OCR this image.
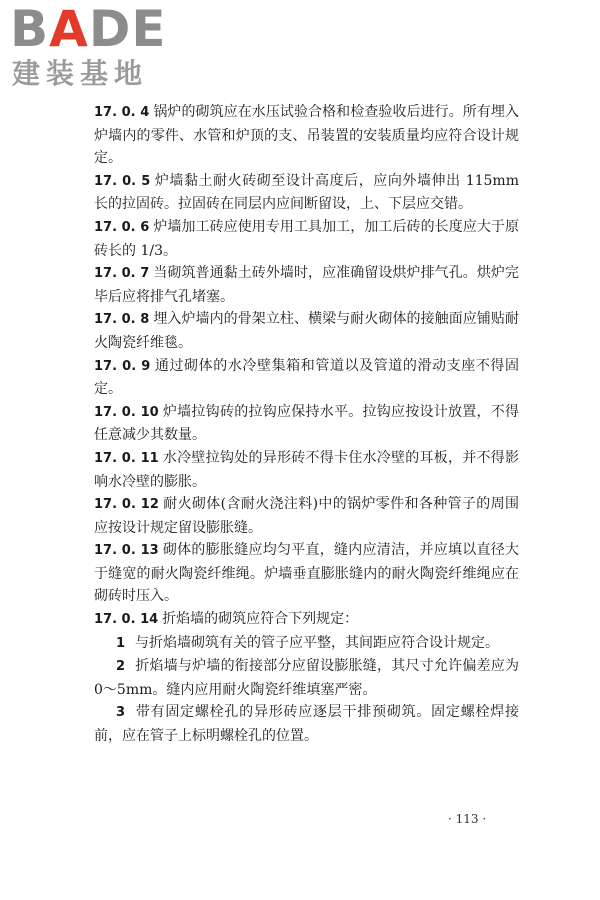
BADE
建装基地

17. 0. 4 锅炉的砌筑应在水压试验合格和检查验收后进行。所有埋入炉墙内的零件、水管和炉顶的支、吊装置的安装质量均应符合设计规定。

17. 0. 5 炉墙黏土耐火砖砌至设计高度后，应向外墙伸出 115mm 长的拉固砖。拉固砖在同层内应间断留设，上、下层应交错。

17. 0. 6 炉墙加工砖应使用专用工具加工，加工后砖的长度应大于原砖长的 1/3。

17. 0. 7 当砌筑普通黏土砖外墙时，应准确留设烘炉排气孔。烘炉完毕后应将排气孔堵塞。

17. 0. 8 埋入炉墙内的骨架立柱、横梁与耐火砌体的接触面应铺贴耐火陶瓷纤维毯。

17. 0. 9 通过砌体的水冷壁集箱和管道以及管道的滑动支座不得固定。

17. 0. 10 炉墙拉钩砖的拉钩应保持水平。拉钩应按设计放置，不得任意减少其数量。

17. 0. 11 水冷壁拉钩处的异形砖不得卡住水冷壁的耳板，并不得影响水冷壁的膨胀。

17. 0. 12 耐火砌体(含耐火浇注料)中的锅炉零件和各种管子的周围应按设计规定留设膨胀缝。

17. 0. 13 砌体的膨胀缝应均匀平直，缝内应清洁，并应填以直径大于缝宽的耐火陶瓷纤维绳。炉墙垂直膨胀缝内的耐火陶瓷纤维绳应在砌砖时压入。

17. 0. 14 折焰墙的砌筑应符合下列规定：

1 与折焰墙砌筑有关的管子应平整，其间距应符合设计规定。

2 折焰墙与炉墙的衔接部分应留设膨胀缝，其尺寸允许偏差应为 0～5mm。缝内应用耐火陶瓷纤维填塞严密。

3 带有固定螺栓孔的异形砖应逐层干排预砌筑。固定螺栓焊接前，应在管子上标明螺栓孔的位置。

· 113 ·
